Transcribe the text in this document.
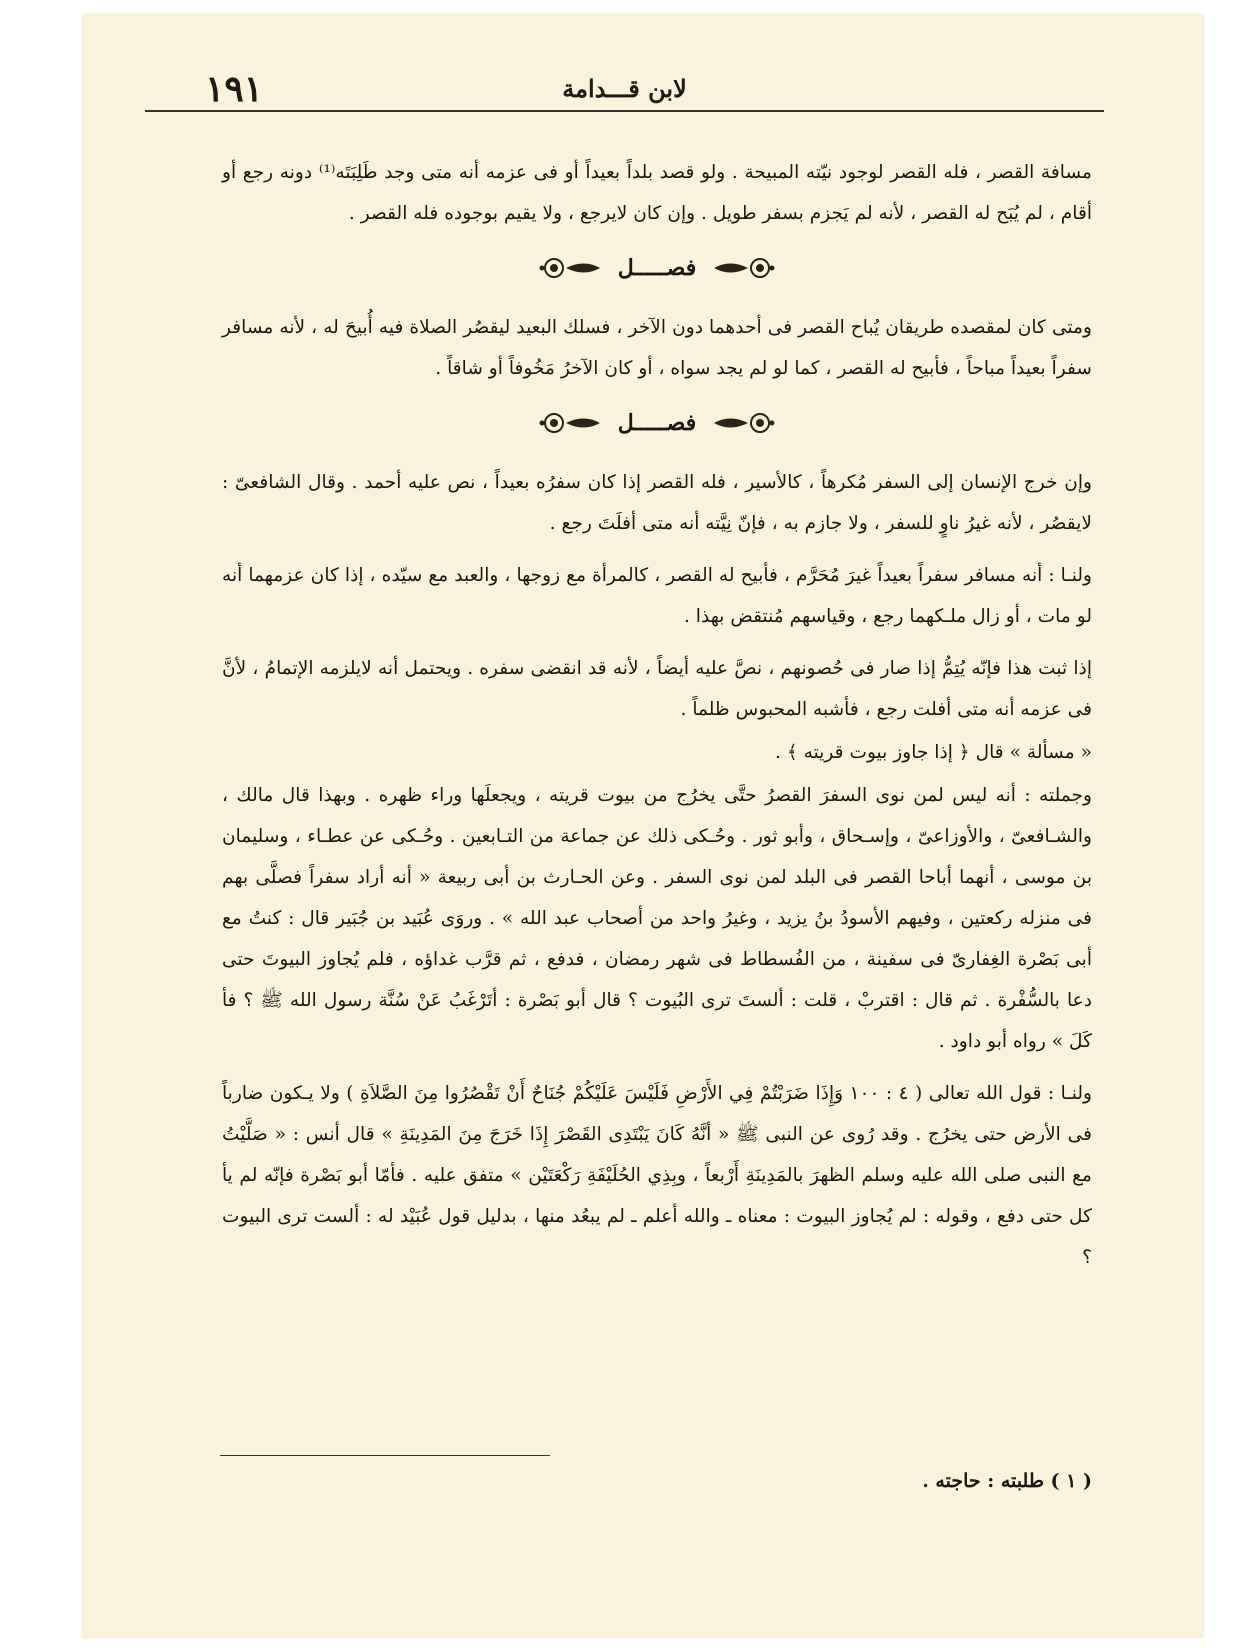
١٩١	لابن قـــدامة

مسافة القصر ، فله القصر لوجود نيّته المبيحة . ولو قصد بلداً بعيداً أو فى عزمه أنه متى وجد طَلِبَتَه⁽¹⁾ دونه رجع أو أقام ، لم يُبَح له القصر ، لأنه لم يَجزم بسفر طويل . وإن كان لايرجع ، ولا يقيم بوجوده فله القصر .

فصـــــل

ومتى كان لمقصده طريقان يُباح القصر فى أحدهما دون الآخر ، فسلك البعيد ليقصُر الصلاة فيه أُبيحَ له ، لأنه مسافر سفراً بعيداً مباحاً ، فأبيح له القصر ، كما لو لم يجد سواه ، أو كان الآخرُ مَخُوفاً أو شاقاً .

فصـــــل

وإن خرج الإنسان إلى السفر مُكرهاً ، كالأسير ، فله القصر إذا كان سفرُه بعيداً ، نص عليه أحمد . وقال الشافعىّ : لايقصُر ، لأنه غيرُ ناوٍ للسفر ، ولا جازم به ، فإنّ نِيَّته أنه متى أفلَتَ رجع .

ولنـا : أنه مسافر سفراً بعيداً غيرَ مُحَرَّم ، فأبيح له القصر ، كالمرأة مع زوجها ، والعبد مع سيّده ، إذا كان عزمهما أنه لو مات ، أو زال ملـكهما رجع ، وقياسهم مُنتقض بهذا .

إذا ثبت هذا فإنّه يُتِمُّ إذا صار فى حُصونهم ، نصَّ عليه أيضاً ، لأنه قد انقضى سفره . ويحتمل أنه لايلزمه الإتمامُ ، لأنَّ فى عزمه أنه متى أفلت رجع ، فأشبه المحبوس ظلماً .

« مسألة » قال ﴿ إذا جاوز بيوت قريته ﴾ .

وجملته : أنه ليس لمن نوى السفرَ القصرُ حتَّى يخرُج من بيوت قريته ، ويجعلَها وراء ظهره . وبهذا قال مالك ، والشـافعىّ ، والأوزاعىّ ، وإسـحاق ، وأبو ثور . وحُـكى ذلك عن جماعة من التـابعين . وحُـكى عن عطـاء ، وسليمان بن موسى ، أنهما أباحا القصر فى البلد لمن نوى السفر . وعن الحـارث بن أبى ربيعة « أنه أراد سفراً فصلَّى بهم فى منزله ركعتين ، وفيهم الأسودُ بنُ يزيد ، وغيرُ واحد من أصحاب عبد الله » . وروَى عُبَيد بن جُبَير قال : كنتُ مع أبى بَصْرة الغِفارىّ فى سفينة ، من الفُسطاط فى شهر رمضان ، فدفع ، ثم قرَّب غداؤه ، فلم يُجاوز البيوتَ حتى دعا بالسُّفْرة . ثم قال : اقتربْ ، قلت : ألستَ ترى البُيوت ؟ قال أبو بَصْرة : أتَرْغَبُ عَنْ سُنَّة رسول الله ﷺ ؟ فأ كَلَ » رواه أبو داود .

ولنـا : قول الله تعالى ( ٤ : ١٠٠ وَإِذَا ضَرَبْتُمْ فِي الأَرْضِ فَلَيْسَ عَلَيْكُمْ جُنَاحٌ أَنْ تَقْصُرُوا مِنَ الصَّلاَةِ ) ولا يـكون ضارباً فى الأرض حتى يخرُج . وقد رُوى عن النبى ﷺ « أنَّهُ كَانَ يَبْتَدِى القَصْرَ إِذَا خَرَجَ مِنَ المَدِينَةِ » قال أنس : « صَلَّيْتُ مع النبى صلى الله عليه وسلم الظهرَ بالمَدِينَةِ أَرْبعاً ، وبِذِي الحُلَيْفَةِ رَكْعَتَيْن » متفق عليه . فأمّا أبو بَصْرة فإنّه لم يأ كل حتى دفع ، وقوله : لم يُجاوز البيوت : معناه ـ والله أعلم ـ لم يبعُد منها ، بدليل قول عُبَيْد له : ألست ترى البيوت ؟

( ١ ) طلبته : حاجته .
